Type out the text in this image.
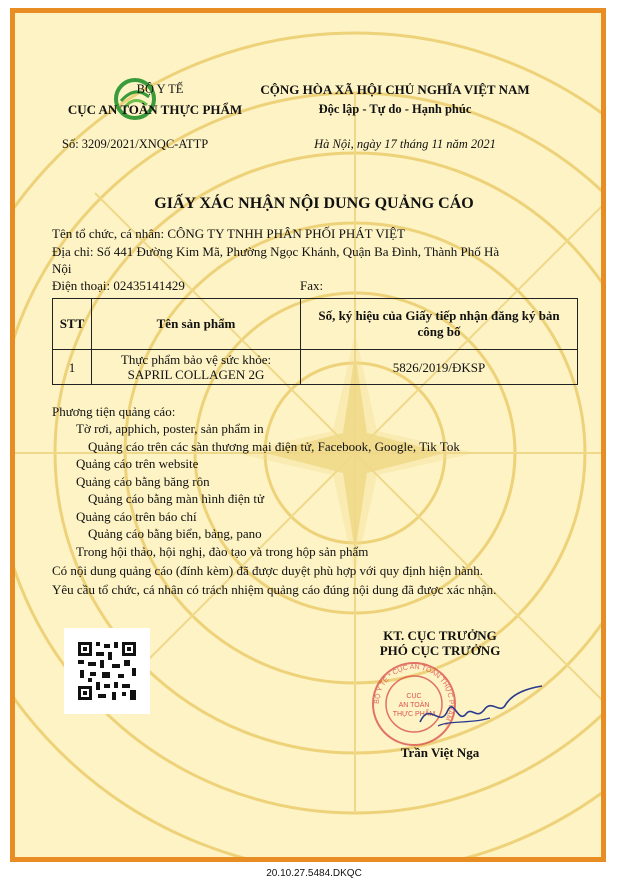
BỘ Y TẾ
CỤC AN TOÀN THỰC PHẨM
Số: 3209/2021/XNQC-ATTP
CỘNG HÒA XÃ HỘI CHỦ NGHĨA VIỆT NAM
Độc lập - Tự do - Hạnh phúc
Hà Nội, ngày 17 tháng 11 năm 2021
GIẤY XÁC NHẬN NỘI DUNG QUẢNG CÁO
Tên tổ chức, cá nhân: CÔNG TY TNHH PHÂN PHỐI PHÁT VIỆT
Địa chỉ: Số 441 Đường Kim Mã, Phường Ngọc Khánh, Quận Ba Đình, Thành Phố Hà
Nội
Điện thoại: 02435141429	Fax:
STT	Tên sản phẩm	Số, ký hiệu của Giấy tiếp nhận đăng ký bản công bố
1	Thực phẩm bảo vệ sức khỏe:
SAPRIL COLLAGEN 2G	5826/2019/ĐKSP
Phương tiện quảng cáo:
Tờ rơi, apphich, poster, sản phẩm in
Quảng cáo trên các sàn thương mại điện tử, Facebook, Google, Tik Tok
Quảng cáo trên website
Quảng cáo bằng băng rôn
Quảng cáo bằng màn hình điện tử
Quảng cáo trên báo chí
Quảng cáo bằng biển, bảng, pano
Trong hội thảo, hội nghị, đào tạo và trong hộp sản phẩm
Có nội dung quảng cáo (đính kèm) đã được duyệt phù hợp với quy định hiện hành.
Yêu cầu tổ chức, cá nhân có trách nhiệm quảng cáo đúng nội dung đã được xác nhận.
KT. CỤC TRƯỞNG
PHÓ CỤC TRƯỞNG
BỘ Y TẾ * CỤC AN TOÀN THỰC PHẨM *
CỤC
AN TOÀN
THỰC PHẨM
Trần Việt Nga
20.10.27.5484.DKQC
